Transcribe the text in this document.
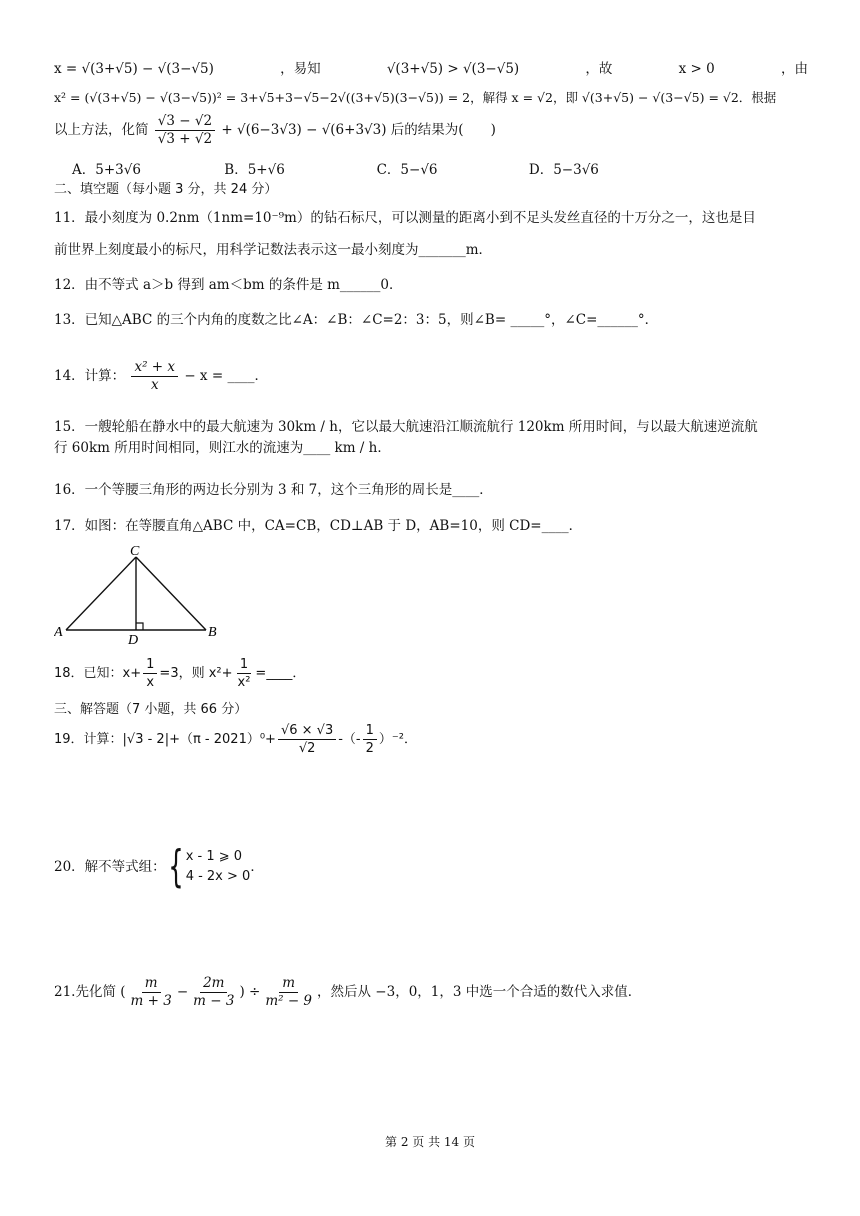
x = √(3+√5) − √(3−√5)	，易知	√(3+√5) > √(3−√5)	，故	x > 0	，由
x² = (√(3+√5) − √(3−√5))² = 3+√5+3−√5−2√((3+√5)(3−√5)) = 2，解得 x = √2，即 √(3+√5) − √(3−√5) = √2．根据
以上方法，化简 $\frac{√3 - √2}{√3 + √2} + √(6-3√3) - √(6+3√3)$ 后的结果为(　　)
A．5+3√6	B．5+√6	C．5−√6	D．5−3√6
二、填空题（每小题 3 分，共 24 分）
11．最小刻度为 0.2nm（1nm=10⁻⁹m）的钻石标尺，可以测量的距离小到不足头发丝直径的十万分之一，这也是目
前世界上刻度最小的标尺，用科学记数法表示这一最小刻度为_______m．
12．由不等式 a＞b 得到 am＜bm 的条件是 m______0．
13．已知△ABC 的三个内角的度数之比∠A：∠B：∠C=2：3：5，则∠B= _____°，∠C=______°．
14．计算： $\frac{\text{x² + x}}{x} - x$ = ____．
15．一艘轮船在静水中的最大航速为 30km / h，它以最大航速沿江顺流航行 120km 所用时间，与以最大航速逆流航
行 60km 所用时间相同，则江水的流速为____ km / h．
16．一个等腰三角形的两边长分别为 3 和 7，这个三角形的周长是____．
17．如图：在等腰直角△ABC 中，CA=CB，CD⊥AB 于 D，AB=10，则 CD=____．
A	B
C
D
18．已知：$x+ \frac{1}{x} =3$，则 $x^2+ \frac{1}{\text{x²}}$ =____．
三、解答题（7 小题，共 66 分）
19．计算：$|√3 - 2|+(\pi - 2021)^0+ \frac{√6 \times √3}{√2}$ -（- $\frac{1}{2} )^{-2}$．
20．解不等式组： { x - 1 ⩾ 0
4 - 2x > 0
．
21.先化简 ( $\frac{m}{m + 3} - \frac{2m}{m - 3}$ ) ÷ $\frac{m}{\text{m² − 9}}$ ，然后从 −3，0，1，3 中选一个合适的数代入求值．
第 2 页 共 14 页
